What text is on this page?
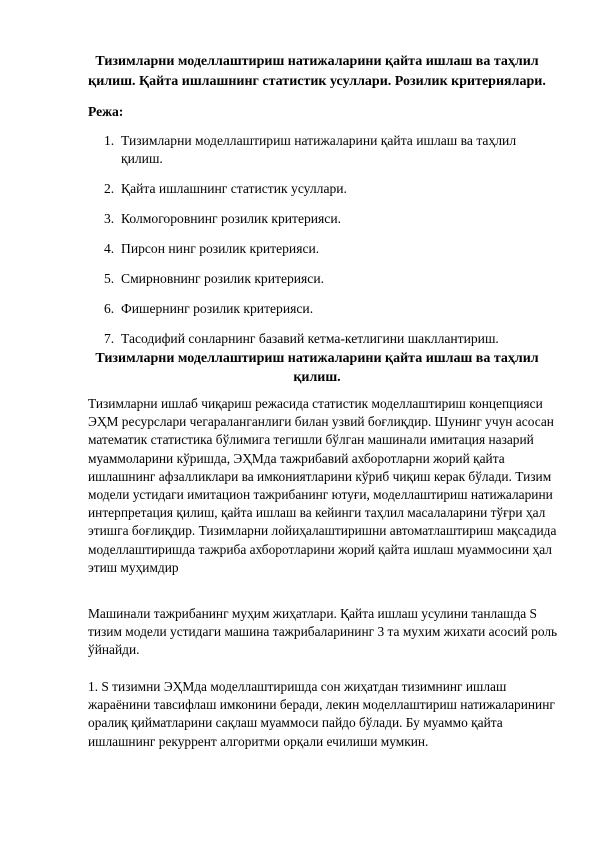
Тизимларни моделлаштириш натижаларини қайта ишлаш ва таҳлил қилиш. Қайта ишлашнинг статистик усуллари. Розилик критериялари.

Режа:

1. Тизимларни моделлаштириш натижаларини қайта ишлаш ва таҳлил қилиш.
2. Қайта ишлашнинг статистик усуллари.
3. Колмогоровнинг розилик критерияси.
4. Пирсон нинг розилик критерияси.
5. Смирновнинг розилик критерияси.
6. Фишернинг розилик критерияси.
7. Тасодифий сонларнинг базавий кетма-кетлигини шакллантириш.
Тизимларни моделлаштириш натижаларини қайта ишлаш ва таҳлил қилиш.

Тизимларни ишлаб чиқариш режасида статистик моделлаштириш концепцияси ЭҲМ ресурслари чегараланганлиги билан узвий боғлиқдир. Шунинг учун асосан математик статистика бўлимига тегишли бўлган машинали имитация назарий муаммоларини кўришда, ЭҲМда тажрибавий ахборотларни жорий қайта ишлашнинг афзалликлари ва имкониятларини кўриб чиқиш керак бўлади. Тизим модели устидаги имитацион тажрибанинг ютуғи, моделлаштириш натижаларини интерпретация қилиш, қайта ишлаш ва кейинги таҳлил масалаларини тўғри ҳал этишга боғлиқдир. Тизимларни лойиҳалаштиришни автоматлаштириш мақсадида моделлаштиришда тажриба ахборотларини жорий қайта ишлаш муаммосини ҳал этиш муҳимдир

Машинали тажрибанинг муҳим жиҳатлари. Қайта ишлаш усулини танлашда S тизим модели устидаги машина тажрибаларининг 3 та мухим жихати асосий роль ўйнайди.

1. S тизимни ЭҲМда моделлаштиришда сон жиҳатдан тизимнинг ишлаш жараёнини тавсифлаш имконини беради, лекин моделлаштириш натижаларининг оралиқ қийматларини сақлаш муаммоси пайдо бўлади. Бу муаммо қайта ишлашнинг рекуррент алгоритми орқали ечилиши мумкин.
